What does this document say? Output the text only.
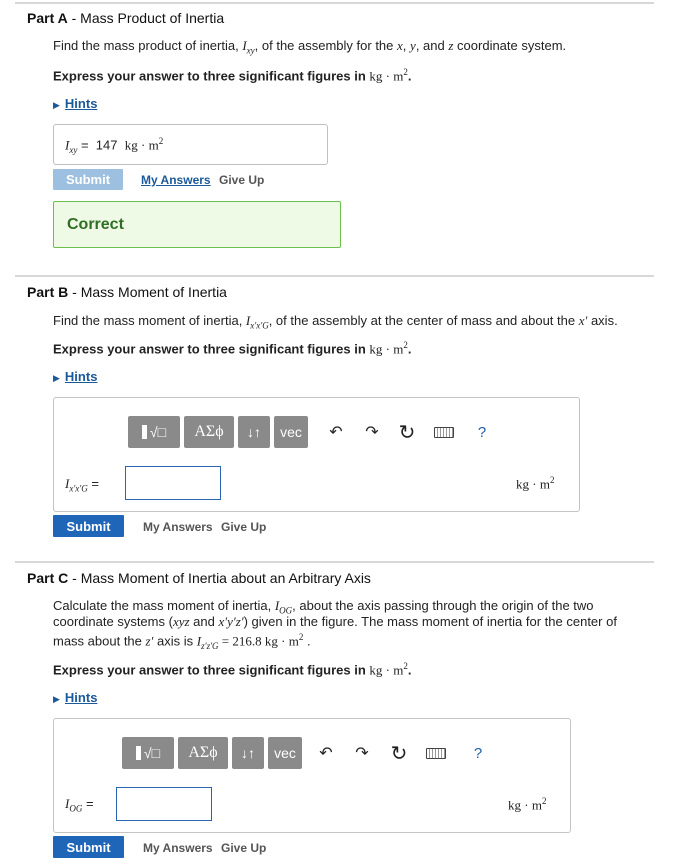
Part A - Mass Product of Inertia
Find the mass product of inertia, $I_{xy}$, of the assembly for the x, y, and z coordinate system.
Express your answer to three significant figures in kg · $m^2$.
▶ Hints
$I_{xy} = 147$ kg · $m^2$
Submit	My Answers Give Up
Correct
Part B - Mass Moment of Inertia
Find the mass moment of inertia, $I_{x'x'G}$, of the assembly at the center of mass and about the x′ axis.
Express your answer to three significant figures in kg · $m^2$.
▶ Hints
√□	AΣϕ	↓↑	vec	↶ ↷ ↻	?
$I_{x'x'G}$ =	kg · $m^2$
Submit	My Answers Give Up
Part C - Mass Moment of Inertia about an Arbitrary Axis
Calculate the mass moment of inertia, $I_{OG}$, about the axis passing through the origin of the two
coordinate systems (xyz and x′y′z′) given in the figure. The mass moment of inertia for the center of
mass about the z′ axis is $I_{z'z'G} = 216.8$ kg · $m^2$ .
Express your answer to three significant figures in kg · $m^2$.
▶ Hints
√□	AΣϕ	↓↑	vec	↶ ↷ ↻	?
$I_{OG}$ =	kg · $m^2$
Submit	My Answers Give Up
